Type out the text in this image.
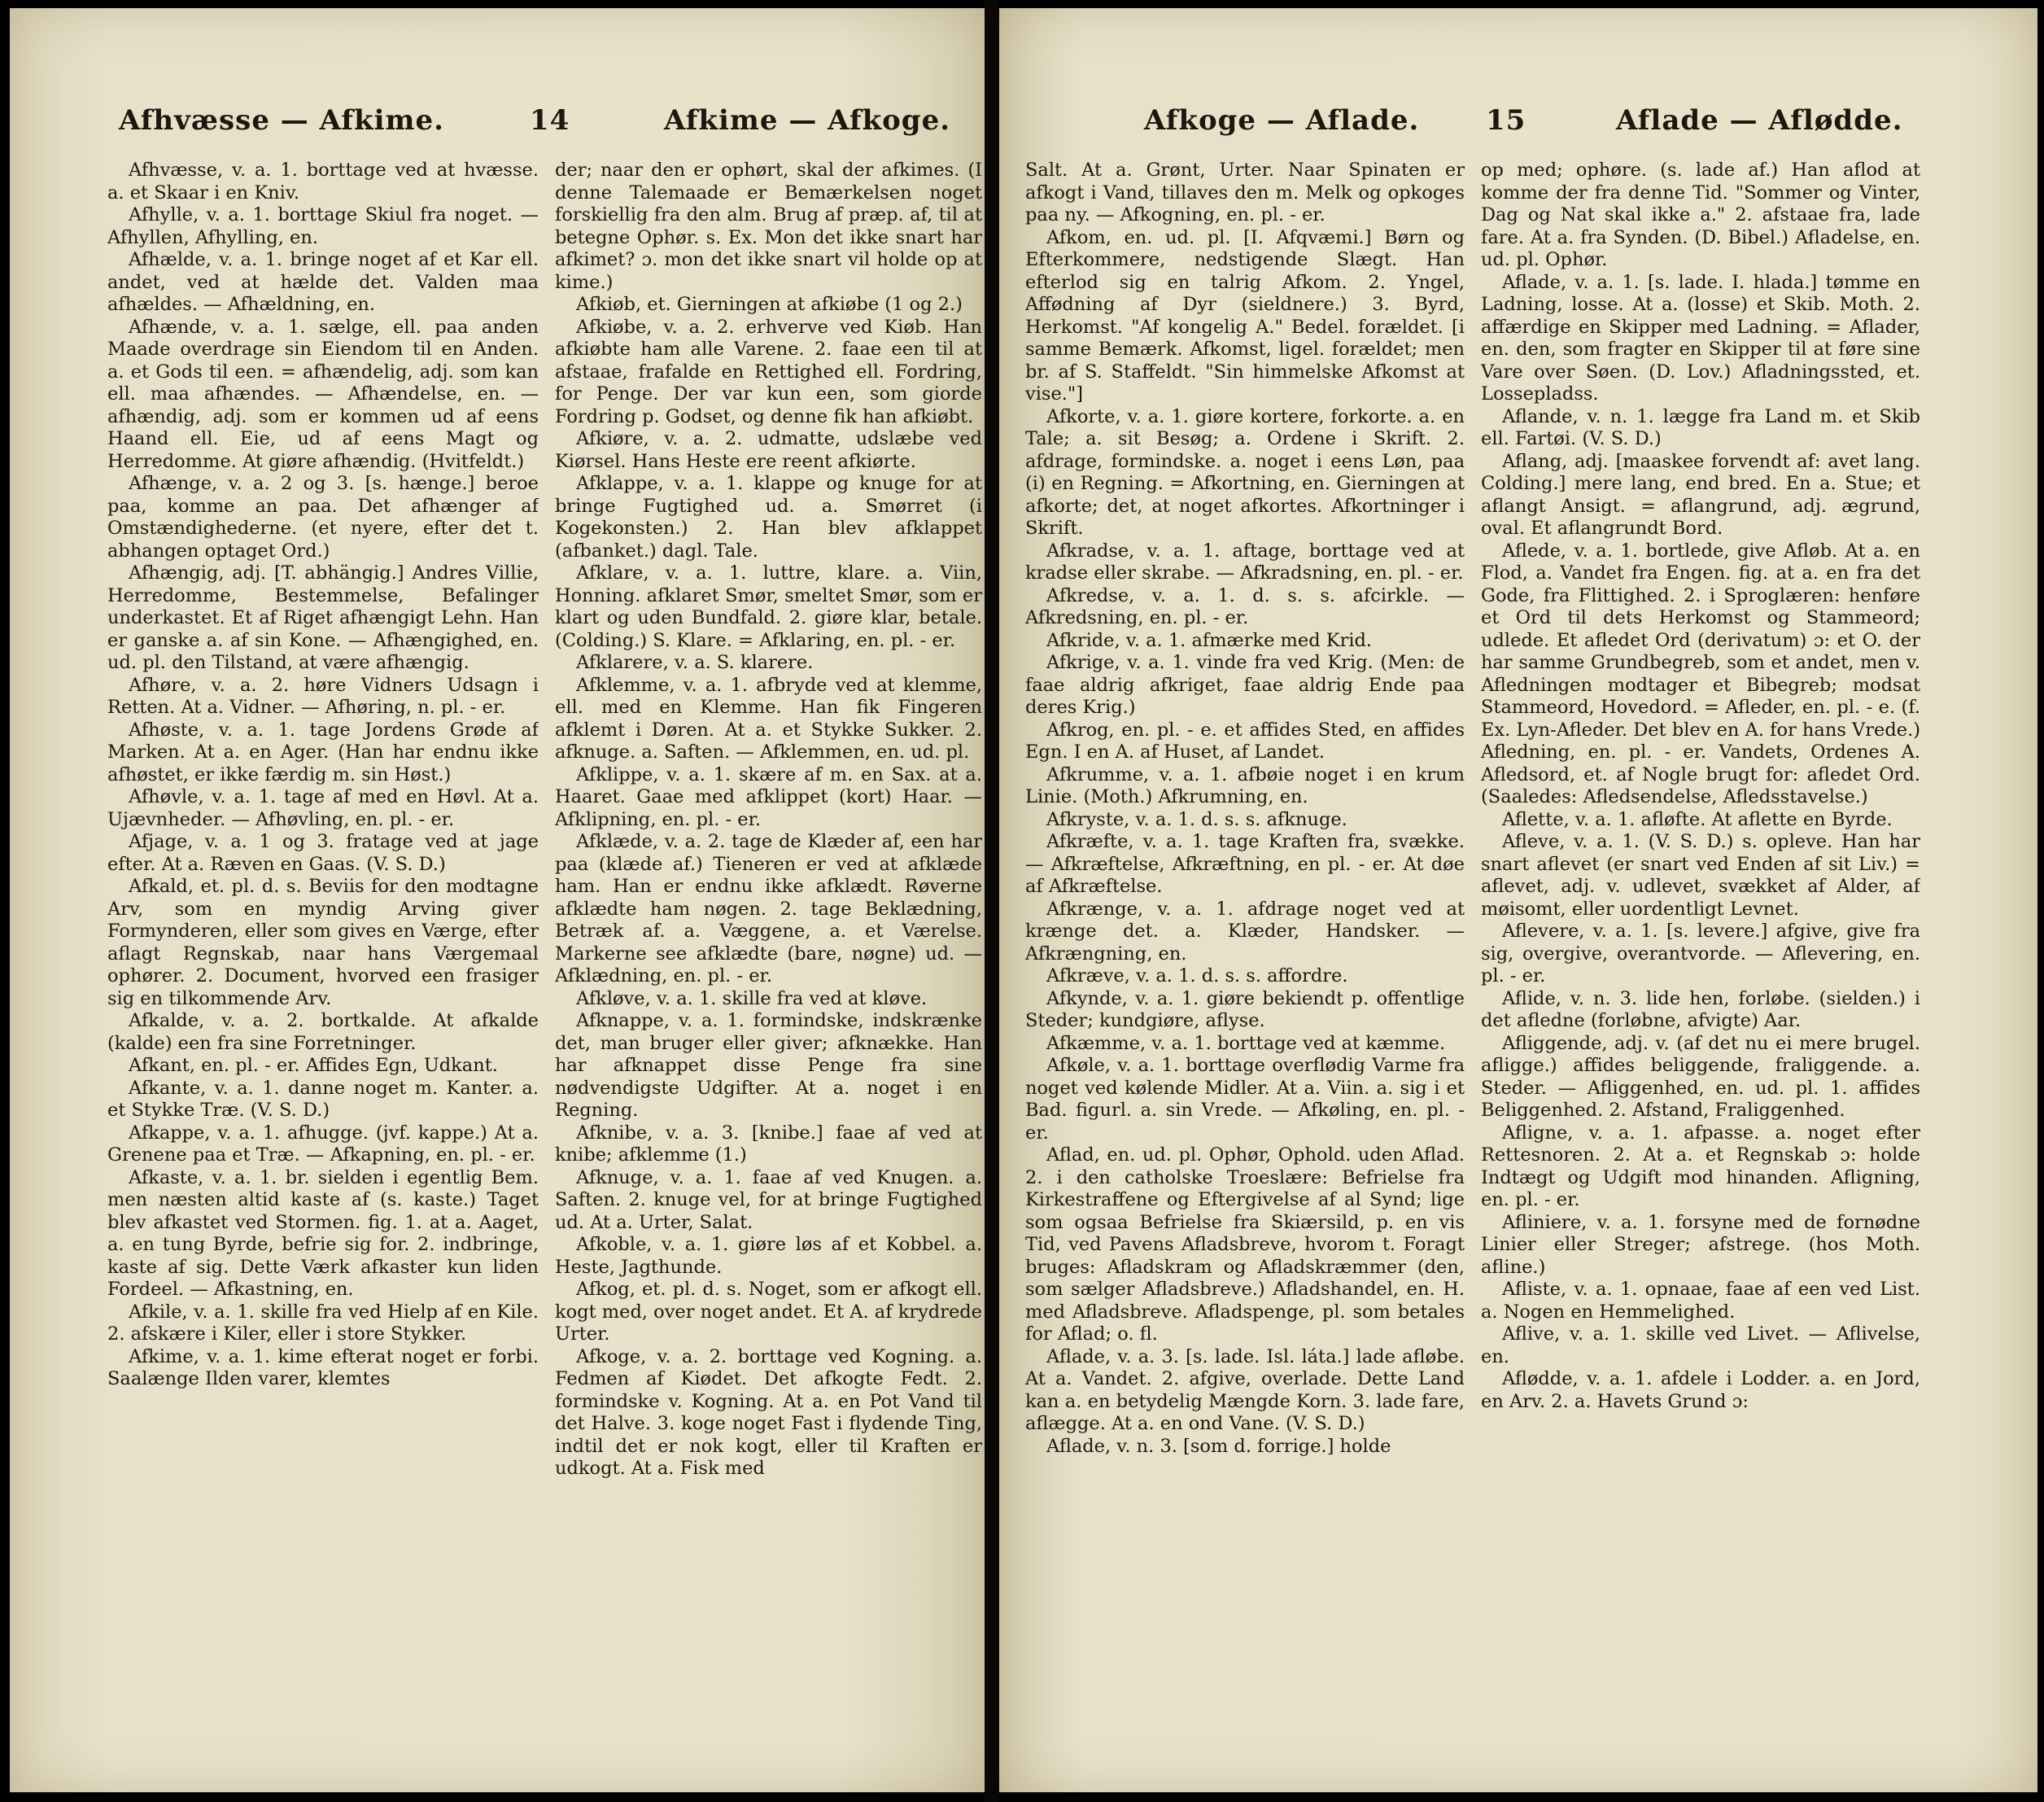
Afhvæsse — Afkime.	14	Afkime — Afkoge.

Afhvæsse, v. a. 1. borttage ved at hvæsse. a. et Skaar i en Kniv.

Afhylle, v. a. 1. borttage Skiul fra noget. — Afhyllen, Afhylling, en.

Afhælde, v. a. 1. bringe noget af et Kar ell. andet, ved at hælde det. Valden maa afhældes. — Afhældning, en.

Afhænde, v. a. 1. sælge, ell. paa anden Maade overdrage sin Eiendom til en Anden. a. et Gods til een. = afhændelig, adj. som kan ell. maa afhændes. — Afhændelse, en. — afhændig, adj. som er kommen ud af eens Haand ell. Eie, ud af eens Magt og Herredomme. At giøre afhændig. (Hvitfeldt.)

Afhænge, v. a. 2 og 3. [s. hænge.] beroe paa, komme an paa. Det afhænger af Omstændighederne. (et nyere, efter det t. abhangen optaget Ord.)

Afhængig, adj. [T. abhängig.] Andres Villie, Herredomme, Bestemmelse, Befalinger underkastet. Et af Riget afhængigt Lehn. Han er ganske a. af sin Kone. — Afhængighed, en. ud. pl. den Tilstand, at være afhængig.

Afhøre, v. a. 2. høre Vidners Udsagn i Retten. At a. Vidner. — Afhøring, n. pl. - er.

Afhøste, v. a. 1. tage Jordens Grøde af Marken. At a. en Ager. (Han har endnu ikke afhøstet, er ikke færdig m. sin Høst.)

Afhøvle, v. a. 1. tage af med en Høvl. At a. Ujævnheder. — Afhøvling, en. pl. - er.

Afjage, v. a. 1 og 3. fratage ved at jage efter. At a. Ræven en Gaas. (V. S. D.)

Afkald, et. pl. d. s. Beviis for den modtagne Arv, som en myndig Arving giver Formynderen, eller som gives en Værge, efter aflagt Regnskab, naar hans Værgemaal ophører. 2. Document, hvorved een frasiger sig en tilkommende Arv.

Afkalde, v. a. 2. bortkalde. At afkalde (kalde) een fra sine Forretninger.

Afkant, en. pl. - er. Affides Egn, Udkant.

Afkante, v. a. 1. danne noget m. Kanter. a. et Stykke Træ. (V. S. D.)

Afkappe, v. a. 1. afhugge. (jvf. kappe.) At a. Grenene paa et Træ. — Afkapning, en. pl. - er.

Afkaste, v. a. 1. br. sielden i egentlig Bem. men næsten altid kaste af (s. kaste.) Taget blev afkastet ved Stormen. fig. 1. at a. Aaget, a. en tung Byrde, befrie sig for. 2. indbringe, kaste af sig. Dette Værk afkaster kun liden Fordeel. — Afkastning, en.

Afkile, v. a. 1. skille fra ved Hielp af en Kile. 2. afskære i Kiler, eller i store Stykker.

Afkime, v. a. 1. kime efterat noget er forbi. Saalænge Ilden varer, klemtes

der; naar den er ophørt, skal der afkimes. (I denne Talemaade er Bemærkelsen noget forskiellig fra den alm. Brug af præp. af, til at betegne Ophør. s. Ex. Mon det ikke snart har afkimet? ɔ. mon det ikke snart vil holde op at kime.)

Afkiøb, et. Gierningen at afkiøbe (1 og 2.)

Afkiøbe, v. a. 2. erhverve ved Kiøb. Han afkiøbte ham alle Varene. 2. faae een til at afstaae, frafalde en Rettighed ell. Fordring, for Penge. Der var kun een, som giorde Fordring p. Godset, og denne fik han afkiøbt.

Afkiøre, v. a. 2. udmatte, udslæbe ved Kiørsel. Hans Heste ere reent afkiørte.

Afklappe, v. a. 1. klappe og knuge for at bringe Fugtighed ud. a. Smørret (i Kogekonsten.) 2. Han blev afklappet (afbanket.) dagl. Tale.

Afklare, v. a. 1. luttre, klare. a. Viin, Honning. afklaret Smør, smeltet Smør, som er klart og uden Bundfald. 2. giøre klar, betale. (Colding.) S. Klare. = Afklaring, en. pl. - er.

Afklarere, v. a. S. klarere.

Afklemme, v. a. 1. afbryde ved at klemme, ell. med en Klemme. Han fik Fingeren afklemt i Døren. At a. et Stykke Sukker. 2. afknuge. a. Saften. — Afklemmen, en. ud. pl.

Afklippe, v. a. 1. skære af m. en Sax. at a. Haaret. Gaae med afklippet (kort) Haar. — Afklipning, en. pl. - er.

Afklæde, v. a. 2. tage de Klæder af, een har paa (klæde af.) Tieneren er ved at afklæde ham. Han er endnu ikke afklædt. Røverne afklædte ham nøgen. 2. tage Beklædning, Betræk af. a. Væggene, a. et Værelse. Markerne see afklædte (bare, nøgne) ud. — Afklædning, en. pl. - er.

Afkløve, v. a. 1. skille fra ved at kløve.

Afknappe, v. a. 1. formindske, indskrænke det, man bruger eller giver; afknække. Han har afknappet disse Penge fra sine nødvendigste Udgifter. At a. noget i en Regning.

Afknibe, v. a. 3. [knibe.] faae af ved at knibe; afklemme (1.)

Afknuge, v. a. 1. faae af ved Knugen. a. Saften. 2. knuge vel, for at bringe Fugtighed ud. At a. Urter, Salat.

Afkoble, v. a. 1. giøre løs af et Kobbel. a. Heste, Jagthunde.

Afkog, et. pl. d. s. Noget, som er afkogt ell. kogt med, over noget andet. Et A. af krydrede Urter.

Afkoge, v. a. 2. borttage ved Kogning. a. Fedmen af Kiødet. Det afkogte Fedt. 2. formindske v. Kogning. At a. en Pot Vand til det Halve. 3. koge noget Fast i flydende Ting, indtil det er nok kogt, eller til Kraften er udkogt. At a. Fisk med

Afkoge — Aflade. 15	Aflade — Aflødde.

Salt. At a. Grønt, Urter. Naar Spinaten er afkogt i Vand, tillaves den m. Melk og opkoges paa ny. — Afkogning, en. pl. - er.

Afkom, en. ud. pl. [I. Afqvæmi.] Børn og Efterkommere, nedstigende Slægt. Han efterlod sig en talrig Afkom. 2. Yngel, Affødning af Dyr (sieldnere.) 3. Byrd, Herkomst. "Af kongelig A." Bedel. forældet. [i samme Bemærk. Afkomst, ligel. forældet; men br. af S. Staffeldt. "Sin himmelske Afkomst at vise."]

Afkorte, v. a. 1. giøre kortere, forkorte. a. en Tale; a. sit Besøg; a. Ordene i Skrift. 2. afdrage, formindske. a. noget i eens Løn, paa (i) en Regning. = Afkortning, en. Gierningen at afkorte; det, at noget afkortes. Afkortninger i Skrift.

Afkradse, v. a. 1. aftage, borttage ved at kradse eller skrabe. — Afkradsning, en. pl. - er.

Afkredse, v. a. 1. d. s. s. afcirkle. — Afkredsning, en. pl. - er.

Afkride, v. a. 1. afmærke med Krid.

Afkrige, v. a. 1. vinde fra ved Krig. (Men: de faae aldrig afkriget, faae aldrig Ende paa deres Krig.)

Afkrog, en. pl. - e. et affides Sted, en affides Egn. I en A. af Huset, af Landet.

Afkrumme, v. a. 1. afbøie noget i en krum Linie. (Moth.) Afkrumning, en.

Afkryste, v. a. 1. d. s. s. afknuge.

Afkræfte, v. a. 1. tage Kraften fra, svække. — Afkræftelse, Afkræftning, en pl. - er. At døe af Afkræftelse.

Afkrænge, v. a. 1. afdrage noget ved at krænge det. a. Klæder, Handsker. — Afkrængning, en.

Afkræve, v. a. 1. d. s. s. affordre.

Afkynde, v. a. 1. giøre bekiendt p. offentlige Steder; kundgiøre, aflyse.

Afkæmme, v. a. 1. borttage ved at kæmme.

Afkøle, v. a. 1. borttage overflødig Varme fra noget ved kølende Midler. At a. Viin. a. sig i et Bad. figurl. a. sin Vrede. — Afkøling, en. pl. - er.

Aflad, en. ud. pl. Ophør, Ophold. uden Aflad. 2. i den catholske Troeslære: Befrielse fra Kirkestraffene og Eftergivelse af al Synd; lige som ogsaa Befrielse fra Skiærsild, p. en vis Tid, ved Pavens Afladsbreve, hvorom t. Foragt bruges: Afladskram og Afladskræmmer (den, som sælger Afladsbreve.) Afladshandel, en. H. med Afladsbreve. Afladspenge, pl. som betales for Aflad; o. fl.

Aflade, v. a. 3. [s. lade. Isl. láta.] lade afløbe. At a. Vandet. 2. afgive, overlade. Dette Land kan a. en betydelig Mængde Korn. 3. lade fare, aflægge. At a. en ond Vane. (V. S. D.)

Aflade, v. n. 3. [som d. forrige.] holde

op med; ophøre. (s. lade af.) Han aflod at komme der fra denne Tid. "Sommer og Vinter, Dag og Nat skal ikke a." 2. afstaae fra, lade fare. At a. fra Synden. (D. Bibel.) Afladelse, en. ud. pl. Ophør.

Aflade, v. a. 1. [s. lade. I. hlada.] tømme en Ladning, losse. At a. (losse) et Skib. Moth. 2. affærdige en Skipper med Ladning. = Aflader, en. den, som fragter en Skipper til at føre sine Vare over Søen. (D. Lov.) Afladningssted, et. Lossepladss.

Aflande, v. n. 1. lægge fra Land m. et Skib ell. Fartøi. (V. S. D.)

Aflang, adj. [maaskee forvendt af: avet lang. Colding.] mere lang, end bred. En a. Stue; et aflangt Ansigt. = aflangrund, adj. ægrund, oval. Et aflangrundt Bord.

Aflede, v. a. 1. bortlede, give Afløb. At a. en Flod, a. Vandet fra Engen. fig. at a. en fra det Gode, fra Flittighed. 2. i Sproglæren: henføre et Ord til dets Herkomst og Stammeord; udlede. Et afledet Ord (derivatum) ɔ: et O. der har samme Grundbegreb, som et andet, men v. Afledningen modtager et Bibegreb; modsat Stammeord, Hovedord. = Afleder, en. pl. - e. (f. Ex. Lyn-Afleder. Det blev en A. for hans Vrede.) Afledning, en. pl. - er. Vandets, Ordenes A. Afledsord, et. af Nogle brugt for: afledet Ord. (Saaledes: Afledsendelse, Afledsstavelse.)

Aflette, v. a. 1. afløfte. At aflette en Byrde.

Afleve, v. a. 1. (V. S. D.) s. opleve. Han har snart aflevet (er snart ved Enden af sit Liv.) = aflevet, adj. v. udlevet, svækket af Alder, af møisomt, eller uordentligt Levnet.

Aflevere, v. a. 1. [s. levere.] afgive, give fra sig, overgive, overantvorde. — Aflevering, en. pl. - er.

Aflide, v. n. 3. lide hen, forløbe. (sielden.) i det afledne (forløbne, afvigte) Aar.

Afliggende, adj. v. (af det nu ei mere brugel. afligge.) affides beliggende, fraliggende. a. Steder. — Afliggenhed, en. ud. pl. 1. affides Beliggenhed. 2. Afstand, Fraliggenhed.

Afligne, v. a. 1. afpasse. a. noget efter Rettesnoren. 2. At a. et Regnskab ɔ: holde Indtægt og Udgift mod hinanden. Afligning, en. pl. - er.

Afliniere, v. a. 1. forsyne med de fornødne Linier eller Streger; afstrege. (hos Moth. afline.)

Afliste, v. a. 1. opnaae, faae af een ved List. a. Nogen en Hemmelighed.

Aflive, v. a. 1. skille ved Livet. — Aflivelse, en.

Aflødde, v. a. 1. afdele i Lodder. a. en Jord, en Arv. 2. a. Havets Grund ɔ:
